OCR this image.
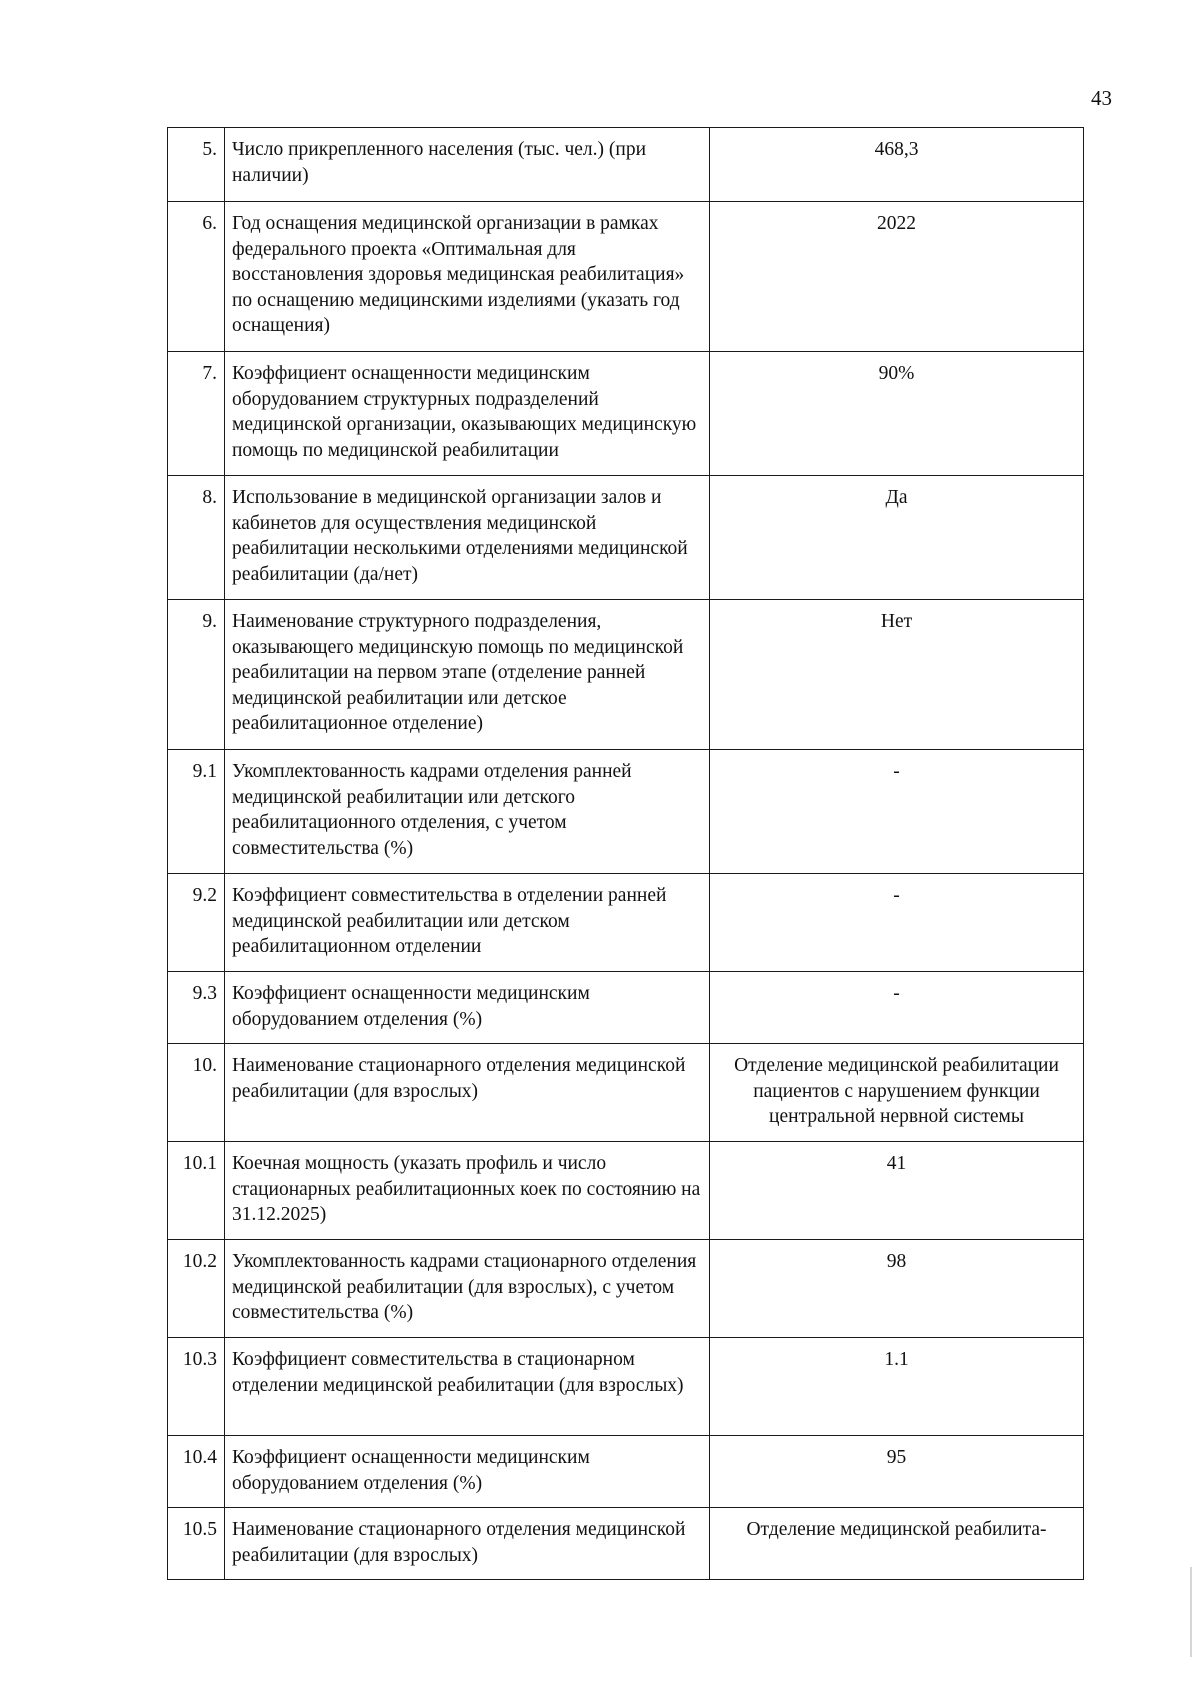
43
5.	Число прикрепленного населения (тыс. чел.) (при наличии)	468,3
6.	Год оснащения медицинской организации в рамках федерального проекта «Оптимальная для восстановления здоровья медицинская реабилитация» по оснащению медицинскими изделиями (указать год оснащения)	2022
7.	Коэффициент оснащенности медицинским оборудованием структурных подразделений медицинской организации, оказывающих медицинскую помощь по медицинской реабилитации	90%
8.	Использование в медицинской организации залов и кабинетов для осуществления медицинской реабилитации несколькими отделениями медицинской реабилитации (да/нет)	Да
9.	Наименование структурного подразделения, оказывающего медицинскую помощь по медицинской реабилитации на первом этапе (отделение ранней медицинской реабилитации или детское реабилитационное отделение)	Нет
9.1	Укомплектованность кадрами отделения ранней медицинской реабилитации или детского реабилитационного отделения, с учетом совместительства (%)	-
9.2	Коэффициент совместительства в отделении ранней медицинской реабилитации или детском реабилитационном отделении	-
9.3	Коэффициент оснащенности медицинским оборудованием отделения (%)	-
10.	Наименование стационарного отделения медицинской реабилитации (для взрослых)	Отделение медицинской реабилитации пациентов с нарушением функции центральной нервной системы
10.1	Коечная мощность (указать профиль и число стационарных реабилитационных коек по состоянию на 31.12.2025)	41
10.2	Укомплектованность кадрами стационарного отделения медицинской реабилитации (для взрослых), с учетом совместительства (%)	98
10.3	Коэффициент совместительства в стационарном отделении медицинской реабилитации (для взрослых)	1.1
10.4	Коэффициент оснащенности медицинским оборудованием отделения (%)	95
10.5	Наименование стационарного отделения медицинской реабилитации (для взрослых)	Отделение медицинской реабилита-
